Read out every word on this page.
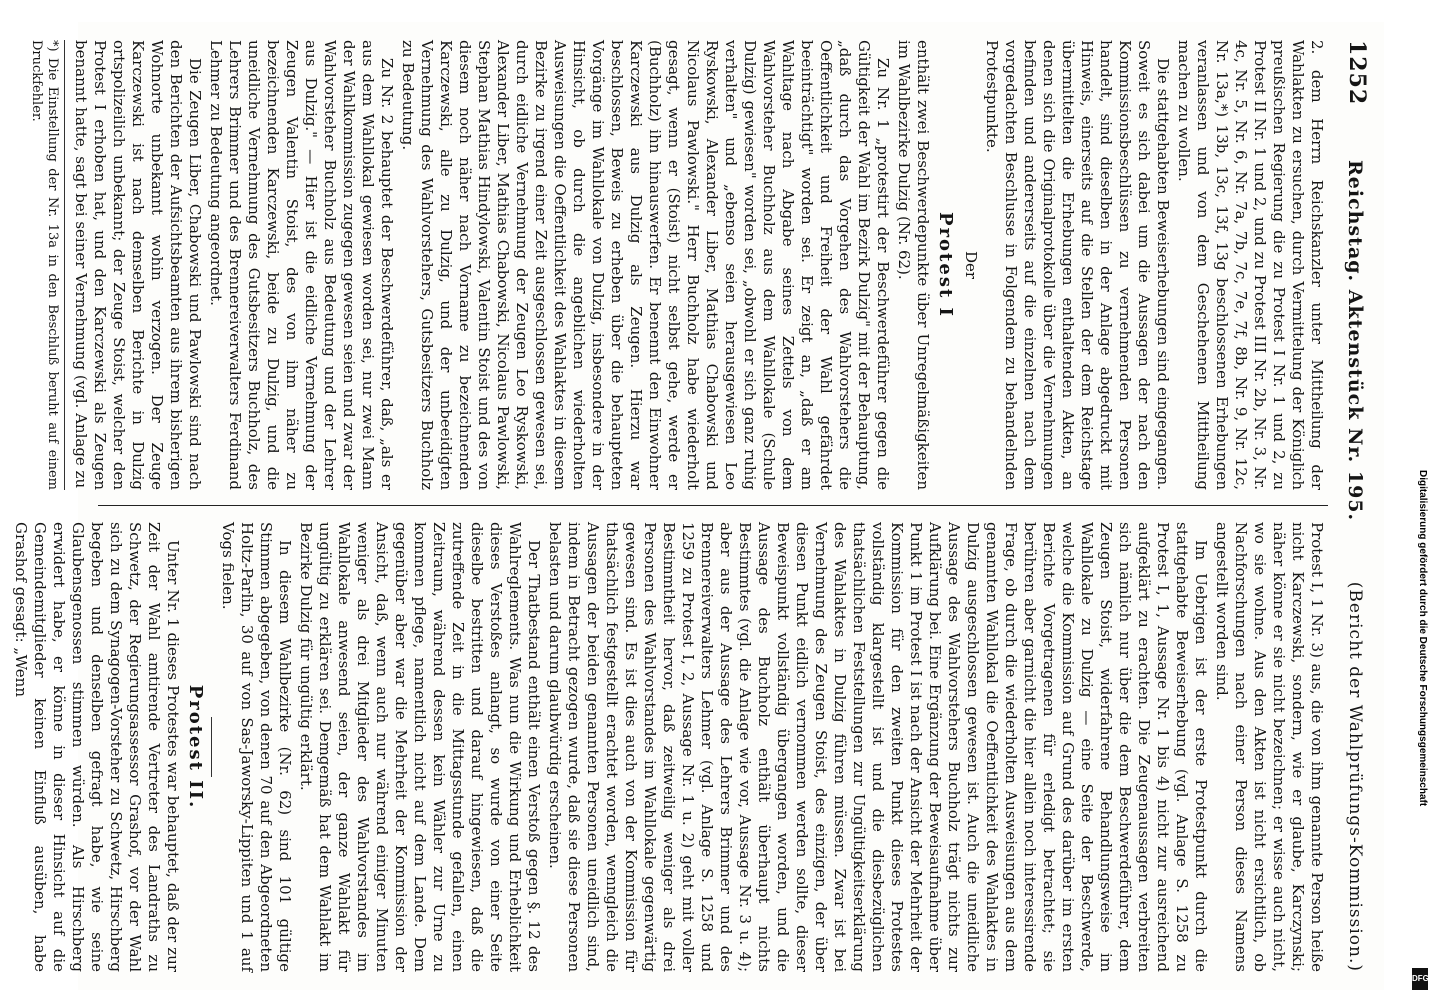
1252
Reichstag. Aktenstück Nr. 195.
(Bericht der Wahlprüfungs-Kommission.)

2. dem Herrn Reichskanzler unter Mittheilung der Wahlakten zu ersuchen, durch Vermittelung der Königlich preußischen Regierung die zu Protest I Nr. 1 und 2, zu Protest II Nr. 1 und 2, und zu Protest III Nr. 2b, Nr. 3, Nr. 4c, Nr. 5, Nr. 6, Nr. 7a, 7b, 7c, 7e, 7f, 8b, Nr. 9, Nr. 12c, Nr. 13a,*) 13b, 13c, 13f, 13g beschlossenen Erhebungen veranlassen und von dem Geschehenen Mittheilung machen zu wollen.

Die stattgehabten Beweiserhebungen sind eingegangen. Soweit es sich dabei um die Aussagen der nach den Kommissionsbeschlüssen zu vernehmenden Personen handelt, sind dieselben in der Anlage abgedruckt mit Hinweis, einerseits auf die Stellen der dem Reichstage übermittelten die Erhebungen enthaltenden Akten, an denen sich die Originalprotokolle über die Vernehmungen befinden und andererseits auf die einzelnen nach dem vorgedachten Beschlusse in Folgendem zu behandelnden Protestpunkte.

Der

Protest I

enthält zwei Beschwerdepunkte über Unregelmäßigkeiten im Wahlbezirke Dulzig (Nr. 62).

Zu Nr. 1 „protestirt der Beschwerdeführer gegen die Gültigkeit der Wahl im Bezirk Dulzig" mit der Behauptung, „daß durch das Vorgehen des Wahlvorstehers die Oeffentlichkeit und Freiheit der Wahl gefährdet beeinträchtigt" worden sei. Er zeigt an, „daß er am Wahltage nach Abgabe seines Zettels von dem Wahlvorsteher Buchholz aus dem Wahllokale (Schule Dulzig) gewiesen" worden sei, „obwohl er sich ganz ruhig verhalten" und „ebenso seien herausgewiesen Leo Ryskowski, Alexander Liber, Mathias Chabowski und Nicolaus Pawlowski." Herr Buchholz habe wiederholt gesagt, wenn er (Stoist) nicht selbst gehe, werde er (Buchholz) ihn hinauswerfen. Er benennt den Einwohner Karczewski aus Dulzig als Zeugen. Hierzu war beschlossen, Beweis zu erheben über die behaupteten Vorgänge im Wahllokale von Dulzig, insbesondere in der Hinsicht, ob durch die angeblichen wiederholten Ausweisungen die Oeffentlichkeit des Wahlaktes in diesem Bezirke zu irgend einer Zeit ausgeschlossen gewesen sei, durch eidliche Vernehmung der Zeugen Leo Ryskowski, Alexander Liber, Mathias Chabowski, Nicolaus Pawlowski, Stephan Mathias Hindylowski, Valentin Stoist und des von diesem noch näher nach Vorname zu bezeichnenden Karczewski, alle zu Dulzig, und der unbeeidigten Vernehmung des Wahlvorstehers, Gutsbesitzers Buchholz zu Bedeutung.

Zu Nr. 2 behauptet der Beschwerdeführer, daß, „als er aus dem Wahllokal gewiesen worden sei, nur zwei Mann der Wahlkommission zugegen gewesen seien und zwar der Wahlvorsteher Buchholz aus Bedeutung und der Lehrer aus Dulzig." — Hier ist die eidliche Vernehmung der Zeugen Valentin Stoist, des von ihm näher zu bezeichnenden Karczewski, beide zu Dulzig, und die uneidliche Vernehmung des Gutsbesitzers Buchholz, des Lehrers Brimmer und des Brennereiverwalters Ferdinand Lehmer zu Bedeutung angeordnet.

Die Zeugen Liber, Chabowski und Pawlowski sind nach den Berichten der Aufsichtsbeamten aus ihrem bisherigen Wohnorte unbekannt wohin verzogen. Der Zeuge Karczewski ist nach demselben Berichte in Dulzig ortspolizeilich unbekannt; der Zeuge Stoist, welcher den Protest I erhoben hat, und den Karczewski als Zeugen benannt hatte, sagt bei seiner Vernehmung (vgl. Anlage zu

*) Die Einstellung der Nr. 13a in den Beschluß beruht auf einem Druckfehler.

Protest I, 1 Nr. 3) aus, die von ihm genannte Person heiße nicht Karczewski, sondern, wie er glaube, Karczynski; näher könne er sie nicht bezeichnen; er wisse auch nicht, wo sie wohne. Aus den Akten ist nicht ersichtlich, ob Nachforschungen nach einer Person dieses Namens angestellt worden sind.

Im Uebrigen ist der erste Protestpunkt durch die stattgehabte Beweiserhebung (vgl. Anlage S. 1258 zu Protest I, 1, Aussage Nr. 1 bis 4) nicht zur ausreichend aufgeklärt zu erachten. Die Zeugenaussagen verbreiten sich nämlich nur über die dem Beschwerdeführer, dem Zeugen Stoist, widerfahrene Behandlungsweise im Wahllokale zu Dulzig — eine Seite der Beschwerde, welche die Kommission auf Grund des darüber im ersten Berichte Vorgetragenen für erledigt betrachtet; sie berühren aber garnicht die hier allein noch interessirende Frage, ob durch die wiederholten Ausweisungen aus dem genannten Wahllokal die Oeffentlichkeit des Wahlaktes in Dulzig ausgeschlossen gewesen ist. Auch die uneidliche Aussage des Wahlvorstehers Buchholz trägt nichts zur Aufklärung bei. Eine Ergänzung der Beweisaufnahme über Punkt 1 im Protest I ist nach der Ansicht der Mehrheit der Kommission für den zweiten Punkt dieses Protestes vollständig klargestellt ist und die diesbezüglichen thatsächlichen Feststellungen zur Ungültigkeitserklärung des Wahlaktes in Dulzig führen müssen. Zwar ist bei Vernehmung des Zeugen Stoist, des einzigen, der über diesen Punkt eidlich vernommen werden sollte, dieser Beweispunkt vollständig übergangen worden, und die Aussage des Buchholz enthält überhaupt nichts Bestimmtes (vgl. die Anlage wie vor, Aussage Nr. 3 u. 4); aber aus der Aussage des Lehrers Brimmer und des Brennereiverwalters Lehmer (vgl. Anlage S. 1258 und 1259 zu Protest I, 2, Aussage Nr. 1 u. 2) geht mit voller Bestimmtheit hervor, daß zeitweilig weniger als drei Personen des Wahlvorstandes im Wahllokale gegenwärtig gewesen sind. Es ist dies auch von der Kommission für thatsächlich festgestellt erachtet worden, wenngleich die Aussagen der beiden genannten Personen uneidlich sind, indem in Betracht gezogen wurde, daß sie diese Personen belasten und darum glaubwürdig erscheinen.

Der Thatbestand enthält einen Verstoß gegen §. 12 des Wahlreglements. Was nun die Wirkung und Erheblichkeit dieses Verstoßes anlangt, so wurde von einer Seite dieselbe bestritten und darauf hingewiesen, daß die zutreffende Zeit in die Mittagsstunde gefallen, einen Zeitraum, während dessen kein Wähler zur Urne zu kommen pflege, namentlich nicht auf dem Lande. Dem gegenüber aber war die Mehrheit der Kommission der Ansicht, daß, wenn auch nur während einiger Minuten weniger als drei Mitglieder des Wahlvorstandes im Wahllokale anwesend seien, der ganze Wahlakt für ungültig zu erklären sei. Demgemäß hat dem Wahlakt im Bezirke Dulzig für ungültig erklärt.

In diesem Wahlbezirke (Nr. 62) sind 101 gültige Stimmen abgegeben, von denen 70 auf den Abgeordneten Holtz-Parlin, 30 auf von Sas-Jaworsky-Lippiten und 1 auf Vogs fielen.

Protest II.

Unter Nr. 1 dieses Protestes war behauptet, daß der zur Zeit der Wahl amtirende Vertreter des Landraths zu Schwetz, der Regierungsassessor Grashof, vor der Wahl sich zu dem Synagogen-Vorsteher zu Schwetz, Hirschberg begeben und denselben gefragt habe, wie seine Glaubensgenossen stimmen würden. Als Hirschberg erwidert habe, er könne in dieser Hinsicht auf die Gemeindemitglieder keinen Einfluß ausüben, habe Grashof gesagt: „Wenn	Digitalisierung gefördert durch die Deutsche Forschungsgemeinschaft
DFG
